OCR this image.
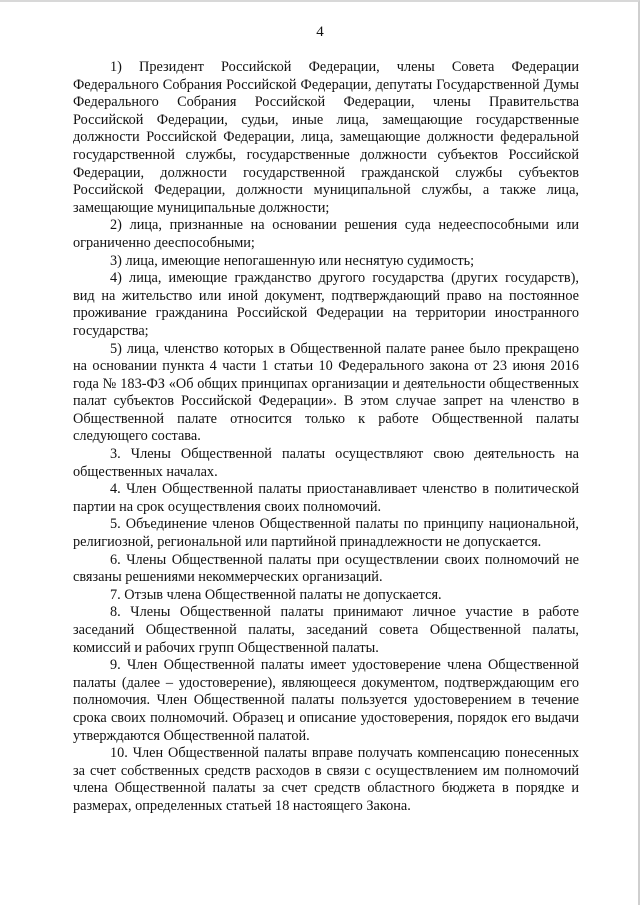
4

1) Президент Российской Федерации, члены Совета Федерации Федерального Собрания Российской Федерации, депутаты Государственной Думы Федерального Собрания Российской Федерации, члены Правительства Российской Федерации, судьи, иные лица, замещающие государственные должности Российской Федерации, лица, замещающие должности федеральной государственной службы, государственные должности субъектов Российской Федерации, должности государственной гражданской службы субъектов Российской Федерации, должности муниципальной службы, а также лица, замещающие муниципальные должности;

2) лица, признанные на основании решения суда недееспособными или ограниченно дееспособными;

3) лица, имеющие непогашенную или неснятую судимость;

4) лица, имеющие гражданство другого государства (других государств), вид на жительство или иной документ, подтверждающий право на постоянное проживание гражданина Российской Федерации на территории иностранного государства;

5) лица, членство которых в Общественной палате ранее было прекращено на основании пункта 4 части 1 статьи 10 Федерального закона от 23 июня 2016 года № 183-ФЗ «Об общих принципах организации и деятельности общественных палат субъектов Российской Федерации». В этом случае запрет на членство в Общественной палате относится только к работе Общественной палаты следующего состава.

3. Члены Общественной палаты осуществляют свою деятельность на общественных началах.

4. Член Общественной палаты приостанавливает членство в политической партии на срок осуществления своих полномочий.

5. Объединение членов Общественной палаты по принципу национальной, религиозной, региональной или партийной принадлежности не допускается.

6. Члены Общественной палаты при осуществлении своих полномочий не связаны решениями некоммерческих организаций.

7. Отзыв члена Общественной палаты не допускается.

8. Члены Общественной палаты принимают личное участие в работе заседаний Общественной палаты, заседаний совета Общественной палаты, комиссий и рабочих групп Общественной палаты.

9. Член Общественной палаты имеет удостоверение члена Общественной палаты (далее – удостоверение), являющееся документом, подтверждающим его полномочия. Член Общественной палаты пользуется удостоверением в течение срока своих полномочий. Образец и описание удостоверения, порядок его выдачи утверждаются Общественной палатой.

10. Член Общественной палаты вправе получать компенсацию понесенных за счет собственных средств расходов в связи с осуществлением им полномочий члена Общественной палаты за счет средств областного бюджета в порядке и размерах, определенных статьей 18 настоящего Закона.
